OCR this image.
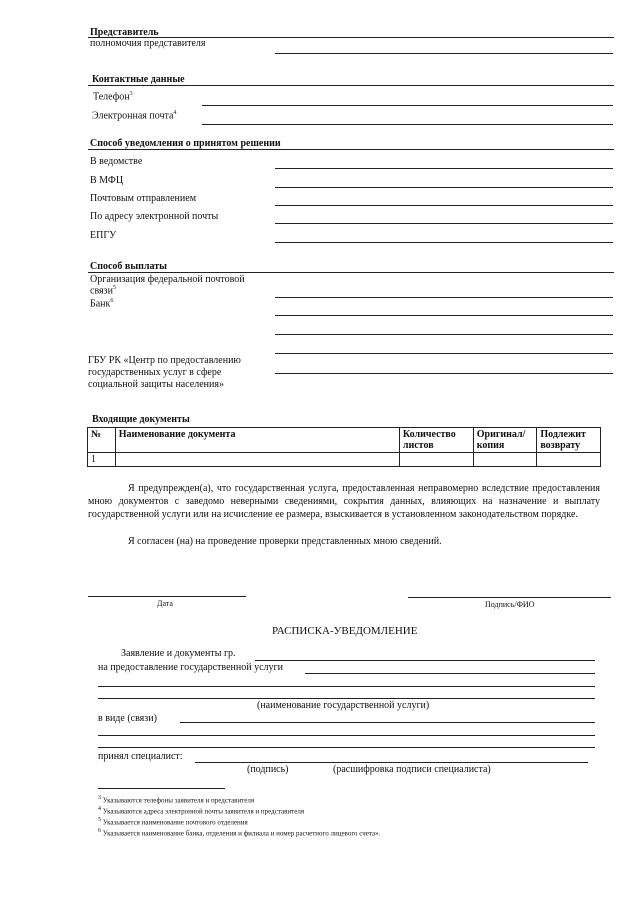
Представитель
полномочия представителя
Контактные данные
Телефон$^3$
Электронная почта$^4$
Способ уведомления о принятом решении
В ведомстве
В МФЦ
Почтовым отправлением
По адресу электронной почты
ЕПГУ
Способ выплаты
Организация федеральной почтовой
связи$^5$
Банк$^6$
ГБУ РК «Центр по предоставлению
государственных услуг в сфере
социальной защиты населения»
Входящие документы
№	Наименование документа	Количество листов	Оригинал/ копия	Подлежит возврату
1				
Я предупрежден(а), что государственная услуга, предоставленная неправомерно вследствие предоставления мною документов с заведомо неверными сведениями, сокрытия данных, влияющих на назначение и выплату государственной услуги или на исчисление ее размера, взыскивается в установленном законодательством порядке.
Я согласен (на) на проведение проверки представленных мною сведений.
Дата	Подпись/ФИО
РАСПИСКА-УВЕДОМЛЕНИЕ
Заявление и документы гр.
на предоставление государственной услуги
(наименование государственной услуги)
в виде (связи)
принял специалист:
(подпись)	(расшифровка подписи специалиста)
$^3$ Указываются телефоны заявителя и представителя
$^4$ Указываются адреса электронной почты заявителя и представителя
$^5$ Указывается наименование почтового отделения
$^6$ Указывается наименование банка, отделения и филиала и номер расчетного лицевого счета».
